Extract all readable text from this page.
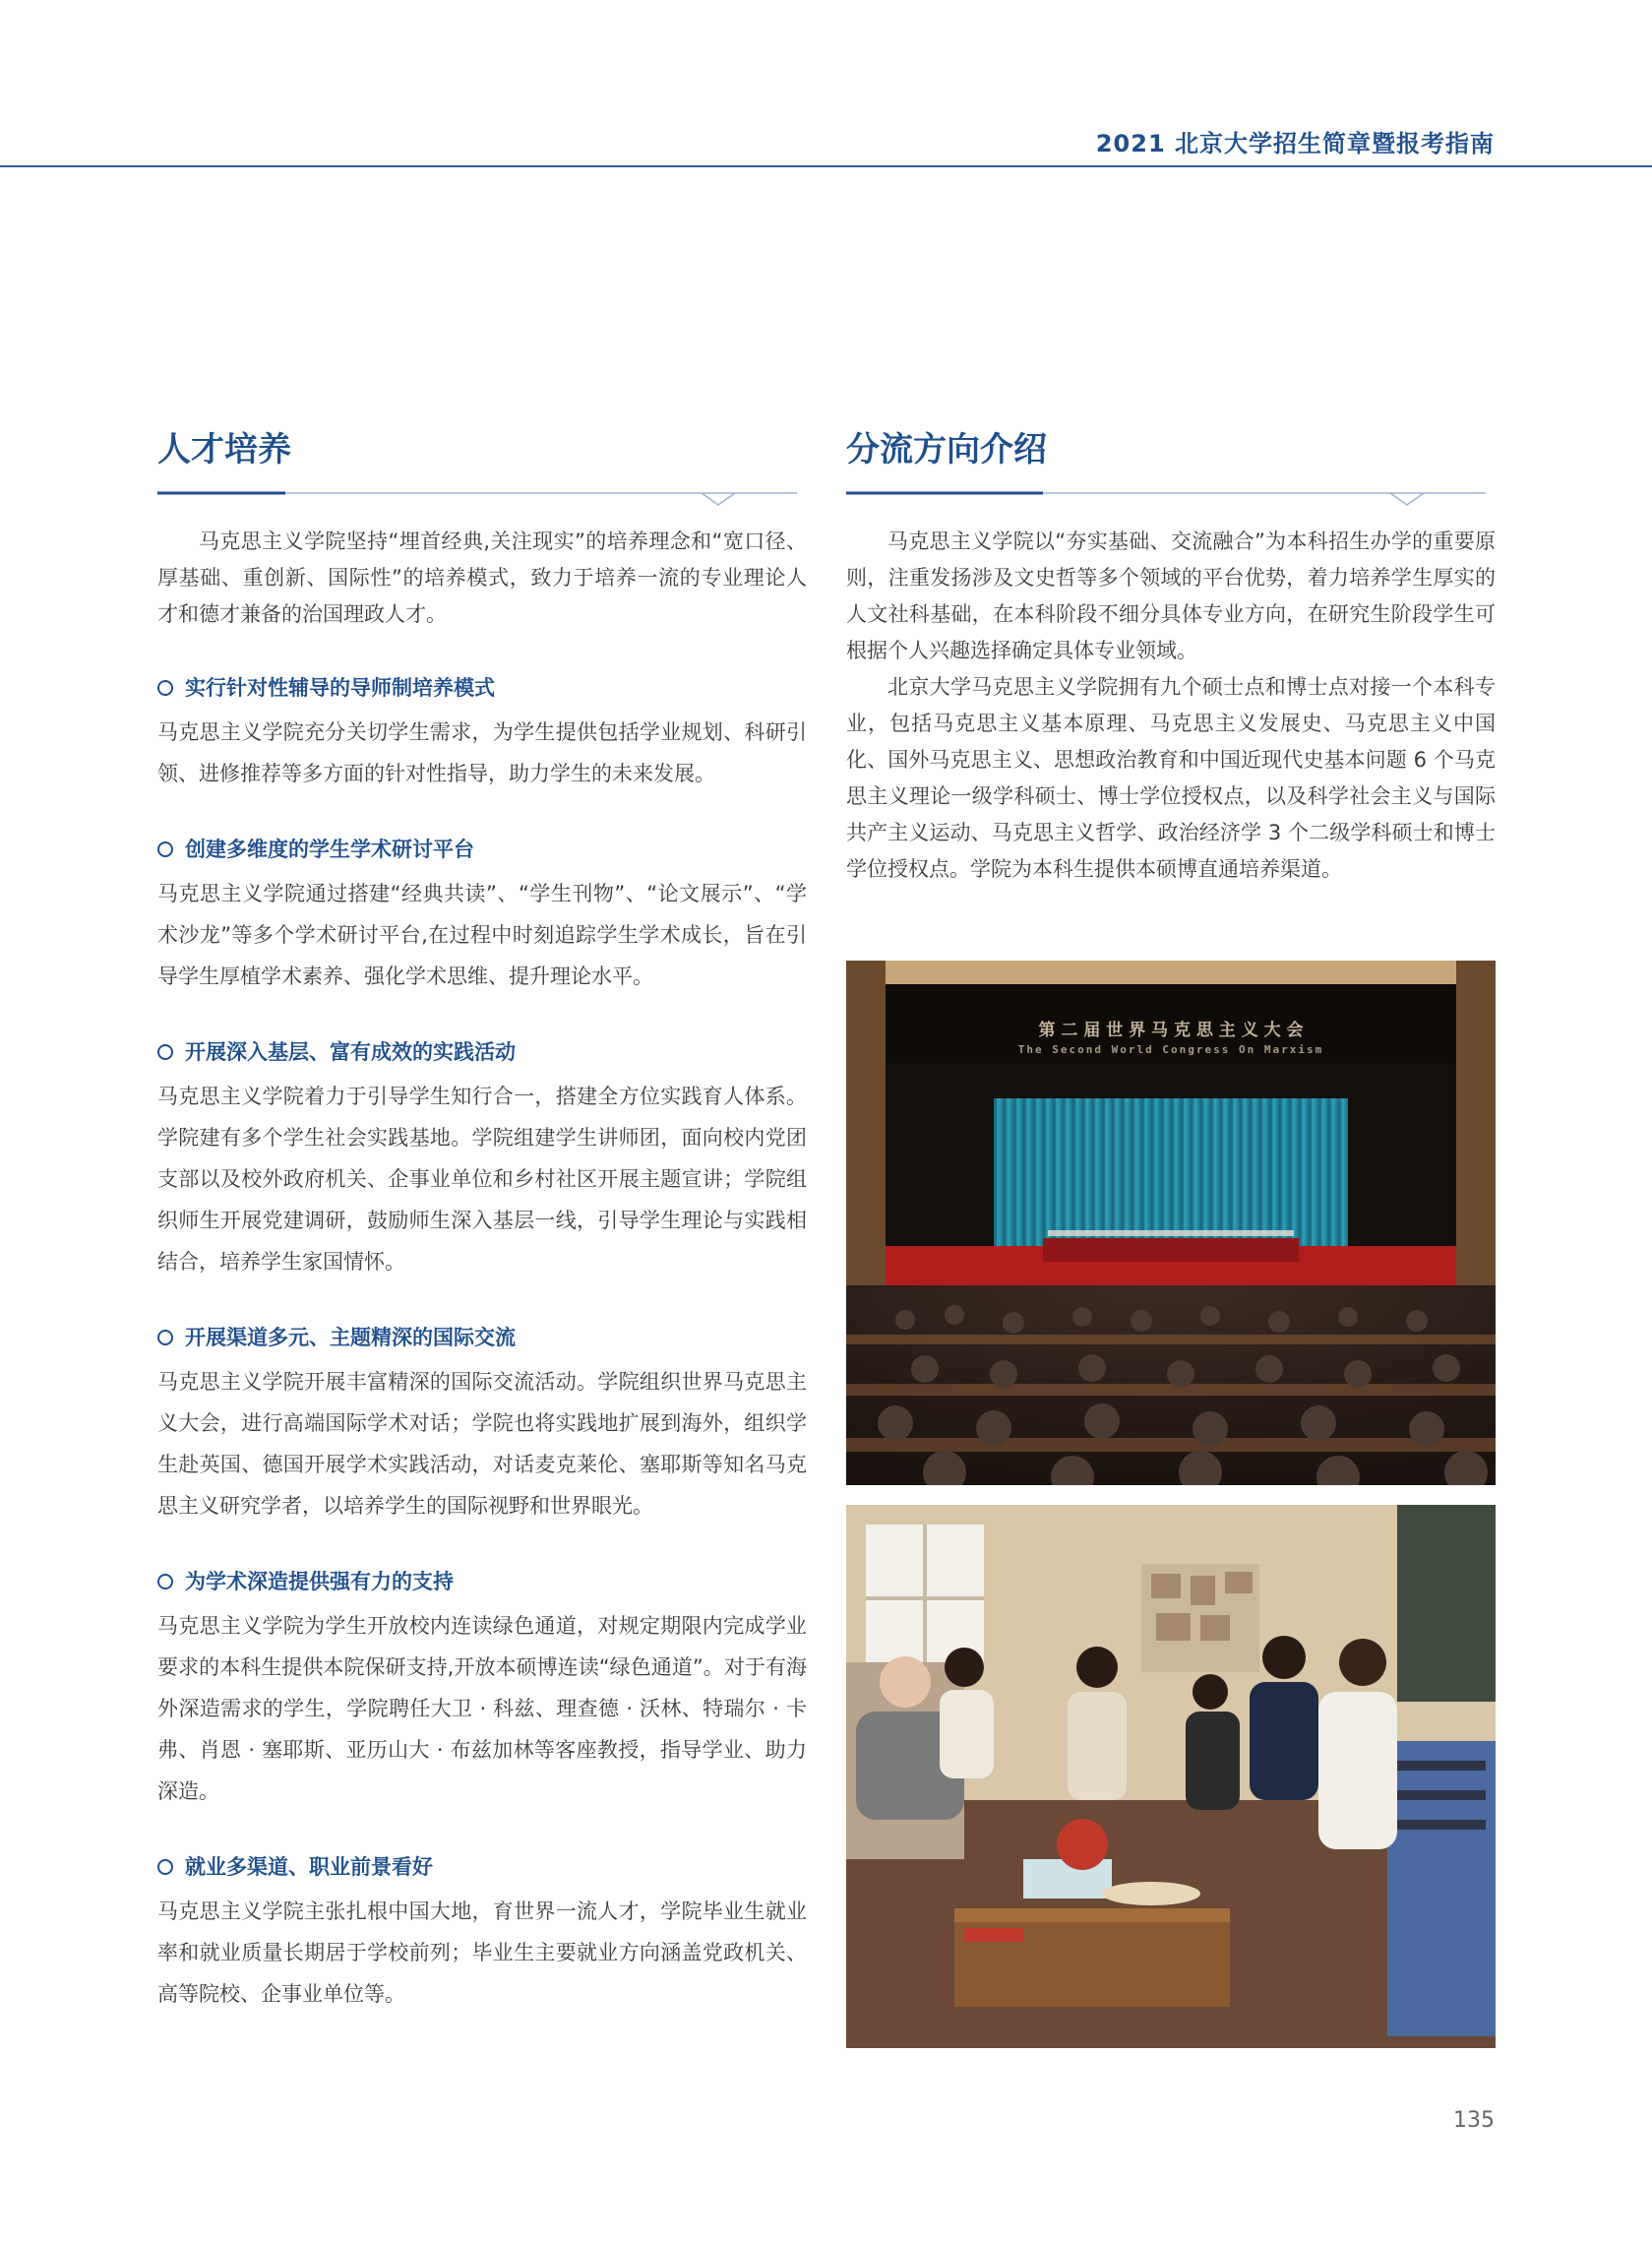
2021 北京大学招生简章暨报考指南
人才培养

马克思主义学院坚持“埋首经典,关注现实”的培养理念和“宽口径、厚基础、重创新、国际性”的培养模式，致力于培养一流的专业理论人才和德才兼备的治国理政人才。

实行针对性辅导的导师制培养模式

马克思主义学院充分关切学生需求，为学生提供包括学业规划、科研引领、进修推荐等多方面的针对性指导，助力学生的未来发展。

创建多维度的学生学术研讨平台

马克思主义学院通过搭建“经典共读”、“学生刊物”、“论文展示”、“学术沙龙”等多个学术研讨平台,在过程中时刻追踪学生学术成长，旨在引导学生厚植学术素养、强化学术思维、提升理论水平。

开展深入基层、富有成效的实践活动

马克思主义学院着力于引导学生知行合一，搭建全方位实践育人体系。学院建有多个学生社会实践基地。学院组建学生讲师团，面向校内党团支部以及校外政府机关、企事业单位和乡村社区开展主题宣讲；学院组织师生开展党建调研，鼓励师生深入基层一线，引导学生理论与实践相结合，培养学生家国情怀。

开展渠道多元、主题精深的国际交流

马克思主义学院开展丰富精深的国际交流活动。学院组织世界马克思主义大会，进行高端国际学术对话；学院也将实践地扩展到海外，组织学生赴英国、德国开展学术实践活动，对话麦克莱伦、塞耶斯等知名马克思主义研究学者，以培养学生的国际视野和世界眼光。

为学术深造提供强有力的支持

马克思主义学院为学生开放校内连读绿色通道，对规定期限内完成学业要求的本科生提供本院保研支持,开放本硕博连读“绿色通道”。对于有海外深造需求的学生，学院聘任大卫 · 科兹、理查德 · 沃林、特瑞尔 · 卡弗、肖恩 · 塞耶斯、亚历山大 · 布兹加林等客座教授，指导学业、助力深造。

就业多渠道、职业前景看好

马克思主义学院主张扎根中国大地，育世界一流人才，学院毕业生就业率和就业质量长期居于学校前列；毕业生主要就业方向涵盖党政机关、高等院校、企事业单位等。

分流方向介绍

马克思主义学院以“夯实基础、交流融合”为本科招生办学的重要原则，注重发扬涉及文史哲等多个领域的平台优势，着力培养学生厚实的人文社科基础，在本科阶段不细分具体专业方向，在研究生阶段学生可根据个人兴趣选择确定具体专业领域。

北京大学马克思主义学院拥有九个硕士点和博士点对接一个本科专业，包括马克思主义基本原理、马克思主义发展史、马克思主义中国化、国外马克思主义、思想政治教育和中国近现代史基本问题 6 个马克思主义理论一级学科硕士、博士学位授权点，以及科学社会主义与国际共产主义运动、马克思主义哲学、政治经济学 3 个二级学科硕士和博士学位授权点。学院为本科生提供本硕博直通培养渠道。

第 二 届 世 界 马 克 思 主 义 大 会
The Second World Congress On Marxism
135
